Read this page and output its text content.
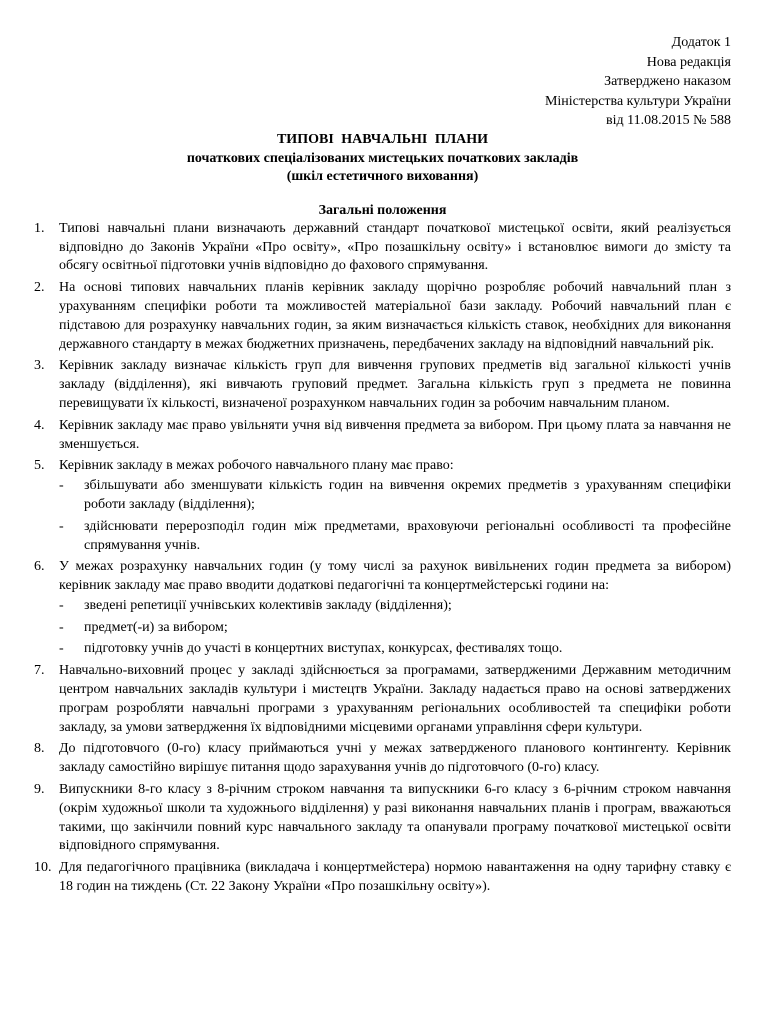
Додаток 1
Нова редакція
Затверджено наказом
Міністерства культури України
від 11.08.2015 № 588
ТИПОВІ НАВЧАЛЬНІ ПЛАНИ
початкових спеціалізованих мистецьких початкових закладів
(шкіл естетичного виховання)
Загальні положення
1. Типові навчальні плани визначають державний стандарт початкової мистецької освіти, який реалізується відповідно до Законів України «Про освіту», «Про позашкільну освіту» і встановлює вимоги до змісту та обсягу освітньої підготовки учнів відповідно до фахового спрямування.
2. На основі типових навчальних планів керівник закладу щорічно розробляє робочий навчальний план з урахуванням специфіки роботи та можливостей матеріальної бази закладу. Робочий навчальний план є підставою для розрахунку навчальних годин, за яким визначається кількість ставок, необхідних для виконання державного стандарту в межах бюджетних призначень, передбачених закладу на відповідний навчальний рік.
3. Керівник закладу визначає кількість груп для вивчення групових предметів від загальної кількості учнів закладу (відділення), які вивчають груповий предмет. Загальна кількість груп з предмета не повинна перевищувати їх кількості, визначеної розрахунком навчальних годин за робочим навчальним планом.
4. Керівник закладу має право увільняти учня від вивчення предмета за вибором. При цьому плата за навчання не зменшується.
5. Керівник закладу в межах робочого навчального плану має право:
- збільшувати або зменшувати кількість годин на вивчення окремих предметів з урахуванням специфіки роботи закладу (відділення);
- здійснювати перерозподіл годин між предметами, враховуючи регіональні особливості та професійне спрямування учнів.
6. У межах розрахунку навчальних годин (у тому числі за рахунок вивільнених годин предмета за вибором) керівник закладу має право вводити додаткові педагогічні та концертмейстерські години на:
- зведені репетиції учнівських колективів закладу (відділення);
- предмет(-и) за вибором;
- підготовку учнів до участі в концертних виступах, конкурсах, фестивалях тощо.
7. Навчально-виховний процес у закладі здійснюється за програмами, затвердженими Державним методичним центром навчальних закладів культури і мистецтв України. Закладу надається право на основі затверджених програм розробляти навчальні програми з урахуванням регіональних особливостей та специфіки роботи закладу, за умови затвердження їх відповідними місцевими органами управління сфери культури.
8. До підготовчого (0-го) класу приймаються учні у межах затвердженого планового контингенту. Керівник закладу самостійно вирішує питання щодо зарахування учнів до підготовчого (0-го) класу.
9. Випускники 8-го класу з 8-річним строком навчання та випускники 6-го класу з 6-річним строком навчання (окрім художньої школи та художнього відділення) у разі виконання навчальних планів і програм, вважаються такими, що закінчили повний курс навчального закладу та опанували програму початкової мистецької освіти відповідного спрямування.
10. Для педагогічного працівника (викладача і концертмейстера) нормою навантаження на одну тарифну ставку є 18 годин на тиждень (Ст. 22 Закону України «Про позашкільну освіту»).
